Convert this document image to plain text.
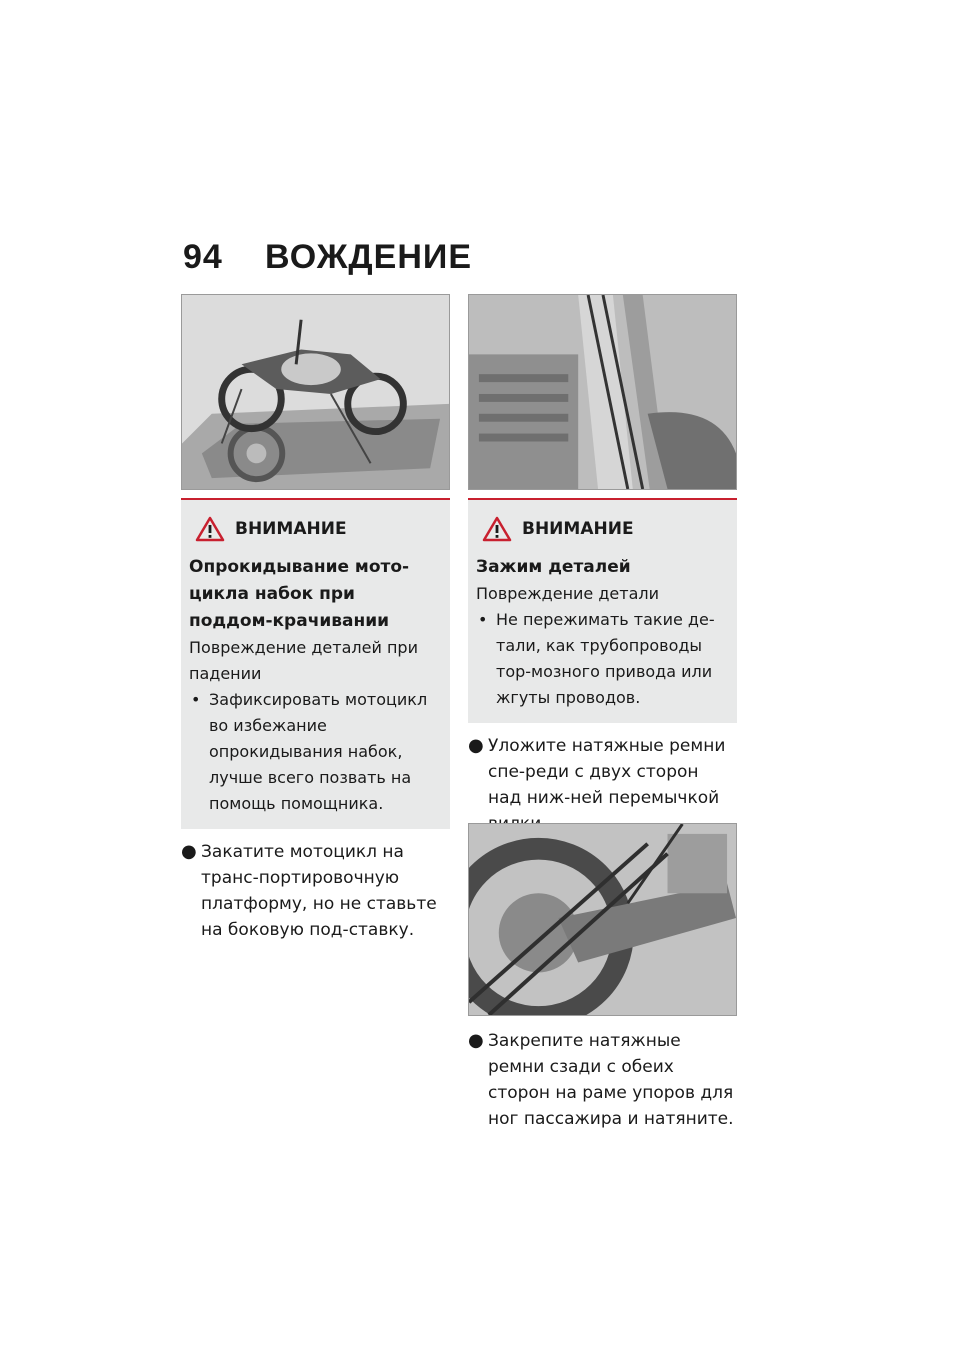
94	ВОЖДЕНИЕ
ВНИМАНИЕ

Опрокидывание мото-цикла набок при поддом-крачивании

Повреждение деталей при падении

• Зафиксировать мотоцикл во избежание опрокидывания набок, лучше всего позвать на помощь помощника.

● Закатите мотоцикл на транс-портировочную платформу, но не ставьте на боковую под-ставку.

ВНИМАНИЕ

Зажим деталей

Повреждение детали

• Не пережимать такие де-тали, как трубопроводы тор-мозного привода или жгуты проводов.

● Уложите натяжные ремни спе-реди с двух сторон над ниж-ней перемычкой

● Закрепите натяжные ремни сзади с обеих сторон на раме упоров для ног пассажира и натяните.
